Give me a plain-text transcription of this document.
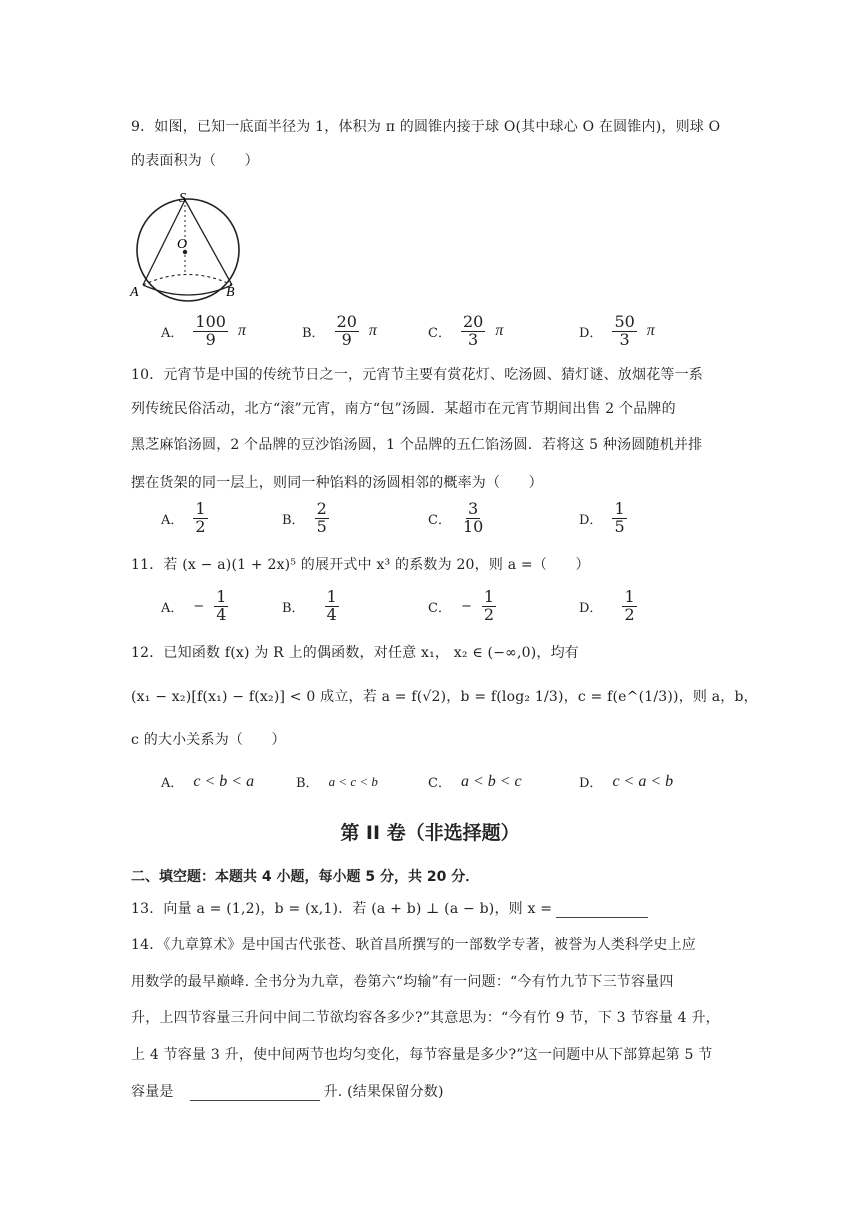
9．如图，已知一底面半径为 1，体积为 π 的圆锥内接于球 O(其中球心 O 在圆锥内)，则球 O
的表面积为（　　）
S
O
A	B
A． $\frac{100}{9}$ π	B． $\frac{20}{9}$ π	C． $\frac{20}{3}$ π	D． $\frac{50}{3}$ π
10．元宵节是中国的传统节日之一，元宵节主要有赏花灯、吃汤圆、猜灯谜、放烟花等一系
列传统民俗活动，北方“滚”元宵，南方“包”汤圆．某超市在元宵节期间出售 2 个品牌的
黑芝麻馅汤圆，2 个品牌的豆沙馅汤圆，1 个品牌的五仁馅汤圆．若将这 5 种汤圆随机并排
摆在货架的同一层上，则同一种馅料的汤圆相邻的概率为（　　）
A． $\frac{1}{2}$	B． $\frac{2}{5}$	C． $\frac{3}{10}$	D． $\frac{1}{5}$
11．若 (x − a)(1 + 2x)⁵ 的展开式中 x³ 的系数为 20，则 a =（　　）
A． − $\frac{1}{4}$	B． $\frac{1}{4}$	C． − $\frac{1}{2}$	D． $\frac{1}{2}$
12．已知函数 f(x) 为 R 上的偶函数，对任意 x₁， x₂ ∈ (−∞,0)，均有
(x₁ − x₂)[f(x₁) − f(x₂)] < 0 成立，若 a = f(√2)，b = f(log₂ 1/3)，c = f(e^(1/3))，则 a，b，
c 的大小关系为（　　）
A． c < b < a	B． a < c < b	C． a < b < c	D． c < a < b
第 II 卷（非选择题）
二、填空题：本题共 4 小题，每小题 5 分，共 20 分．
13．向量 a = (1,2)，b = (x,1)．若 (a + b) ⊥ (a − b)，则 x =
14．《九章算术》是中国古代张苍、耿首昌所撰写的一部数学专著，被誉为人类科学史上应
用数学的最早巅峰. 全书分为九章，卷第六“均输”有一问题：“今有竹九节下三节容量四
升，上四节容量三升问中间二节欲均容各多少?”其意思为：“今有竹 9 节，下 3 节容量 4 升，
上 4 节容量 3 升，使中间两节也均匀变化，每节容量是多少?”这一问题中从下部算起第 5 节
容量是	升. (结果保留分数)
